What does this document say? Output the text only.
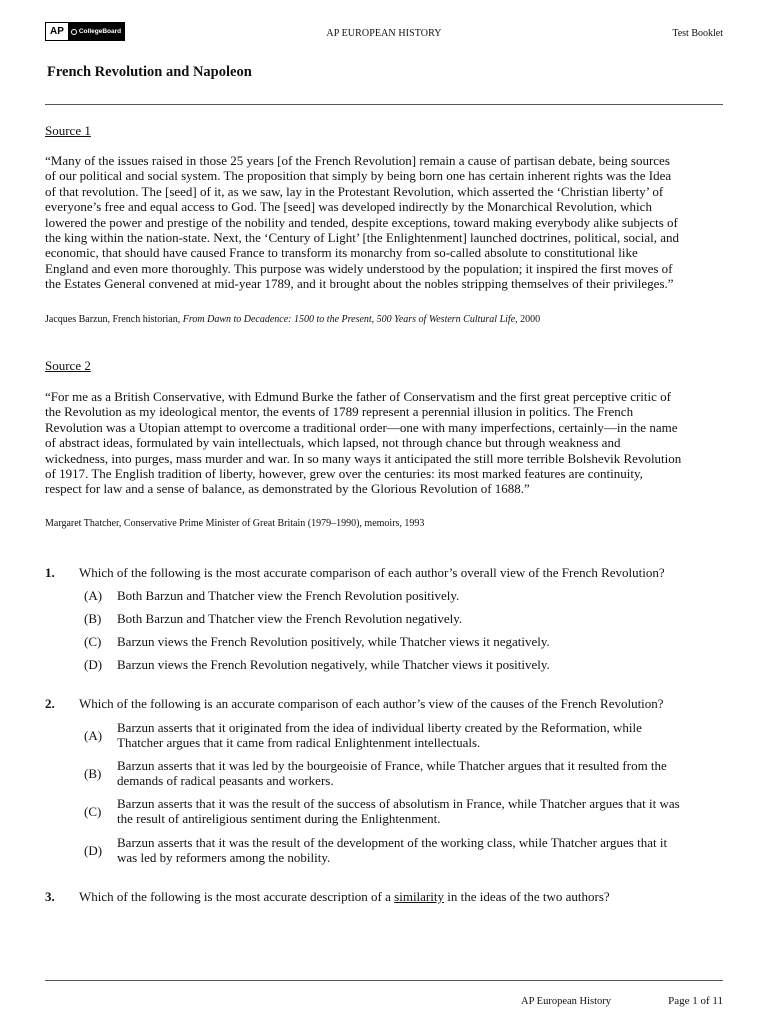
AP	CollegeBoard	AP EUROPEAN HISTORY	Test Booklet
French Revolution and Napoleon
Source 1
“Many of the issues raised in those 25 years [of the French Revolution] remain a cause of partisan debate, being sources
of our political and social system. The proposition that simply by being born one has certain inherent rights was the Idea
of that revolution. The [seed] of it, as we saw, lay in the Protestant Revolution, which asserted the ‘Christian liberty’ of
everyone’s free and equal access to God. The [seed] was developed indirectly by the Monarchical Revolution, which
lowered the power and prestige of the nobility and tended, despite exceptions, toward making everybody alike subjects of
the king within the nation-state. Next, the ‘Century of Light’ [the Enlightenment] launched doctrines, political, social, and
economic, that should have caused France to transform its monarchy from so-called absolute to constitutional like
England and even more thoroughly. This purpose was widely understood by the population; it inspired the first moves of
the Estates General convened at mid-year 1789, and it brought about the nobles stripping themselves of their privileges.”
Jacques Barzun, French historian, From Dawn to Decadence: 1500 to the Present, 500 Years of Western Cultural Life, 2000
Source 2
“For me as a British Conservative, with Edmund Burke the father of Conservatism and the first great perceptive critic of
the Revolution as my ideological mentor, the events of 1789 represent a perennial illusion in politics. The French
Revolution was a Utopian attempt to overcome a traditional order—one with many imperfections, certainly—in the name
of abstract ideas, formulated by vain intellectuals, which lapsed, not through chance but through weakness and
wickedness, into purges, mass murder and war. In so many ways it anticipated the still more terrible Bolshevik Revolution
of 1917. The English tradition of liberty, however, grew over the centuries: its most marked features are continuity,
respect for law and a sense of balance, as demonstrated by the Glorious Revolution of 1688.”
Margaret Thatcher, Conservative Prime Minister of Great Britain (1979–1990), memoirs, 1993
1. Which of the following is the most accurate comparison of each author’s overall view of the French Revolution?
(A)	Both Barzun and Thatcher view the French Revolution positively.
(B)	Both Barzun and Thatcher view the French Revolution negatively.
(C)	Barzun views the French Revolution positively, while Thatcher views it negatively.
(D)	Barzun views the French Revolution negatively, while Thatcher views it positively.
2. Which of the following is an accurate comparison of each author’s view of the causes of the French Revolution?
(A)
Barzun asserts that it originated from the idea of individual liberty created by the Reformation, while
Thatcher argues that it came from radical Enlightenment intellectuals.
(B)
Barzun asserts that it was led by the bourgeoisie of France, while Thatcher argues that it resulted from the
demands of radical peasants and workers.
(C)
Barzun asserts that it was the result of the success of absolutism in France, while Thatcher argues that it was
the result of antireligious sentiment during the Enlightenment.
(D)
Barzun asserts that it was the result of the development of the working class, while Thatcher argues that it
was led by reformers among the nobility.
3. Which of the following is the most accurate description of a similarity in the ideas of the two authors?
AP European History	Page 1 of 11
